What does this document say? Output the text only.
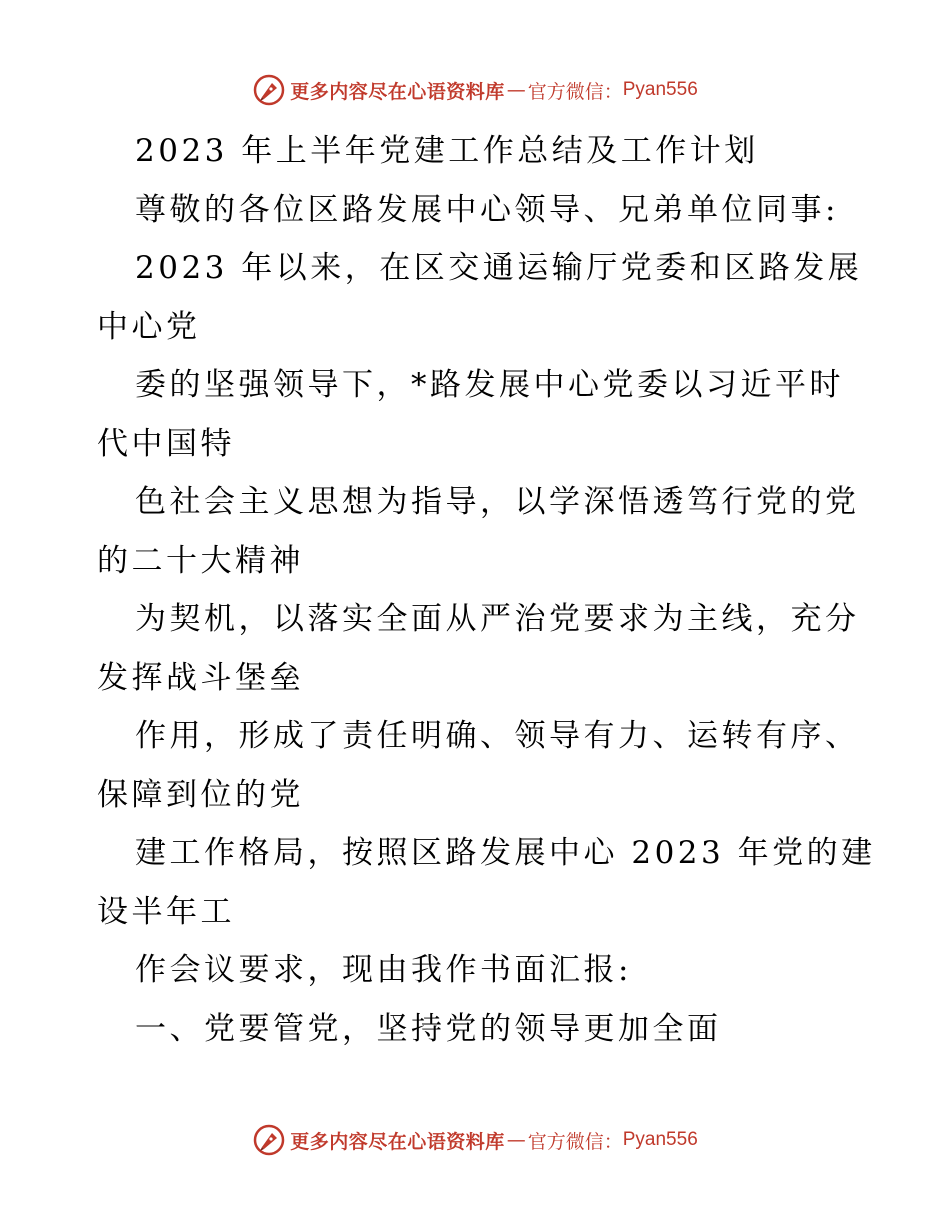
更多内容尽在心语资料库 — 官方微信： Pyan556
2023 年上半年党建工作总结及工作计划
尊敬的各位区路发展中心领导、兄弟单位同事:
2023 年以来，在区交通运输厅党委和区路发展
中心党
委的坚强领导下，*路发展中心党委以习近平时
代中国特
色社会主义思想为指导，以学深悟透笃行党的党
的二十大精神
为契机，以落实全面从严治党要求为主线，充分
发挥战斗堡垒
作用，形成了责任明确、领导有力、运转有序、
保障到位的党
建工作格局，按照区路发展中心 2023 年党的建
设半年工
作会议要求，现由我作书面汇报:
一、党要管党，坚持党的领导更加全面
更多内容尽在心语资料库 — 官方微信： Pyan556
